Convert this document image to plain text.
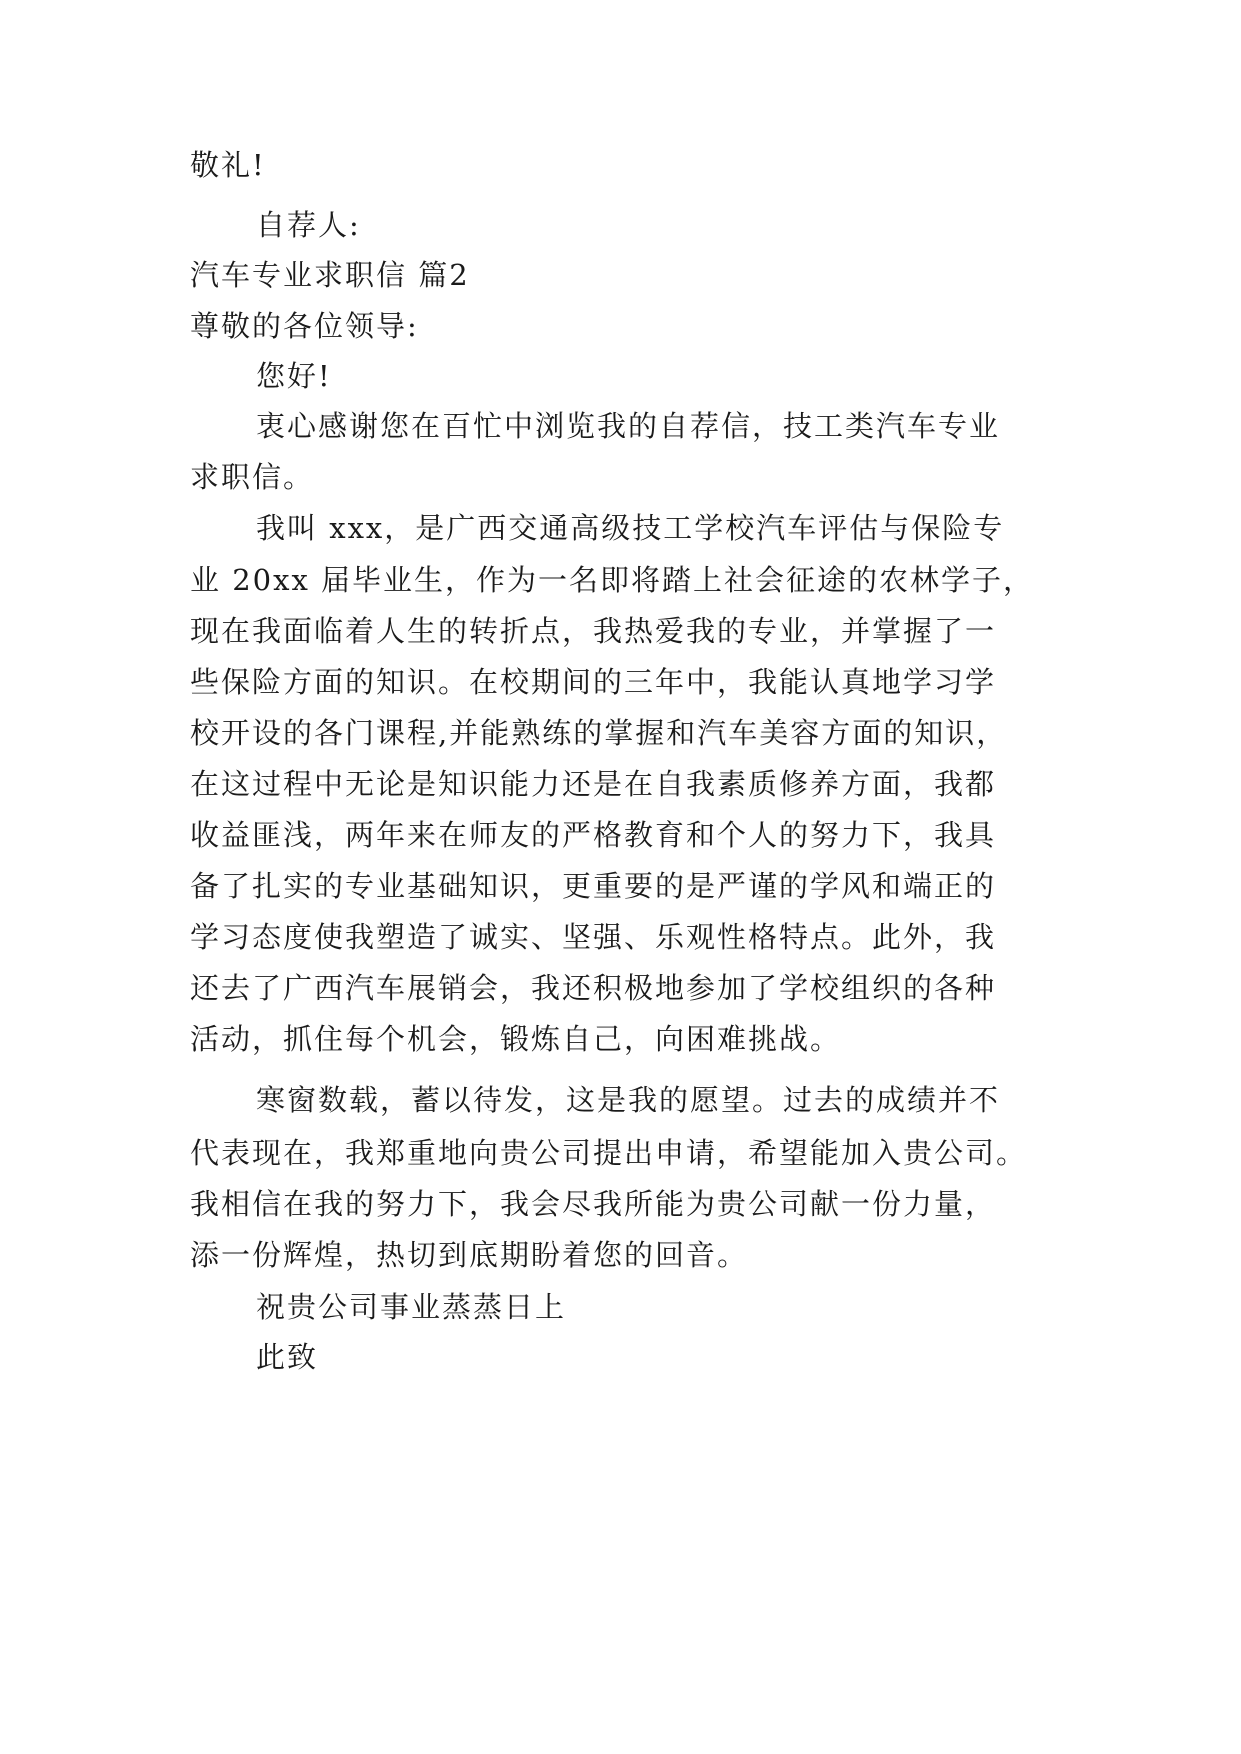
敬礼!
自荐人:
汽车专业求职信 篇2
尊敬的各位领导:
您好!
衷心感谢您在百忙中浏览我的自荐信，技工类汽车专业
求职信。
我叫 xxx，是广西交通高级技工学校汽车评估与保险专
业 20xx 届毕业生，作为一名即将踏上社会征途的农林学子，
现在我面临着人生的转折点，我热爱我的专业，并掌握了一
些保险方面的知识。在校期间的三年中，我能认真地学习学
校开设的各门课程,并能熟练的掌握和汽车美容方面的知识，
在这过程中无论是知识能力还是在自我素质修养方面，我都
收益匪浅，两年来在师友的严格教育和个人的努力下，我具
备了扎实的专业基础知识，更重要的是严谨的学风和端正的
学习态度使我塑造了诚实、坚强、乐观性格特点。此外，我
还去了广西汽车展销会，我还积极地参加了学校组织的各种
活动，抓住每个机会，锻炼自己，向困难挑战。
寒窗数载，蓄以待发，这是我的愿望。过去的成绩并不
代表现在，我郑重地向贵公司提出申请，希望能加入贵公司。
我相信在我的努力下，我会尽我所能为贵公司献一份力量，
添一份辉煌，热切到底期盼着您的回音。
祝贵公司事业蒸蒸日上
此致
